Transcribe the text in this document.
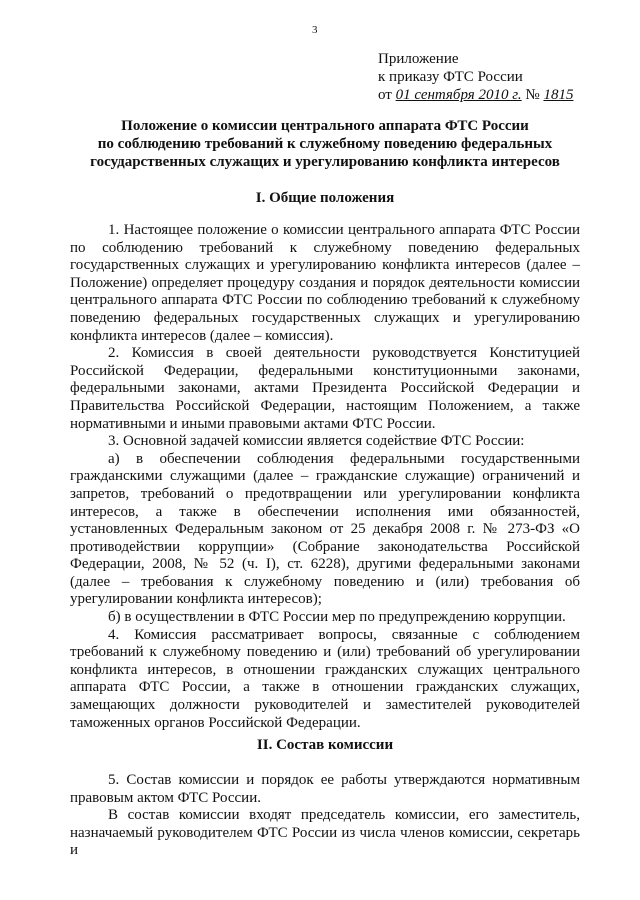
3
Приложение
к приказу ФТС России
от 01 сентября 2010 г. № 1815
Положение о комиссии центрального аппарата ФТС России
по соблюдению требований к служебному поведению федеральных
государственных служащих и урегулированию конфликта интересов
I. Общие положения

1. Настоящее положение о комиссии центрального аппарата ФТС России по соблюдению требований к служебному поведению федеральных государственных служащих и урегулированию конфликта интересов (далее – Положение) определяет процедуру создания и порядок деятельности комиссии центрального аппарата ФТС России по соблюдению требований к служебному поведению федеральных государственных служащих и урегулированию конфликта интересов (далее – комиссия).

2. Комиссия в своей деятельности руководствуется Конституцией Российской Федерации, федеральными конституционными законами, федеральными законами, актами Президента Российской Федерации и Правительства Российской Федерации, настоящим Положением, а также нормативными и иными правовыми актами ФТС России.

3. Основной задачей комиссии является содействие ФТС России:

а) в обеспечении соблюдения федеральными государственными гражданскими служащими (далее – гражданские служащие) ограничений и запретов, требований о предотвращении или урегулировании конфликта интересов, а также в обеспечении исполнения ими обязанностей, установленных Федеральным законом от 25 декабря 2008 г. № 273-ФЗ «О противодействии коррупции» (Собрание законодательства Российской Федерации, 2008, № 52 (ч. I), ст. 6228), другими федеральными законами (далее – требования к служебному поведению и (или) требования об урегулировании конфликта интересов);

б) в осуществлении в ФТС России мер по предупреждению коррупции.

4. Комиссия рассматривает вопросы, связанные с соблюдением требований к служебному поведению и (или) требований об урегулировании конфликта интересов, в отношении гражданских служащих центрального аппарата ФТС России, а также в отношении гражданских служащих, замещающих должности руководителей и заместителей руководителей таможенных органов Российской Федерации.

II. Состав комиссии

5. Состав комиссии и порядок ее работы утверждаются нормативным правовым актом ФТС России.

В состав комиссии входят председатель комиссии, его заместитель, назначаемый руководителем ФТС России из числа членов комиссии, секретарь и
